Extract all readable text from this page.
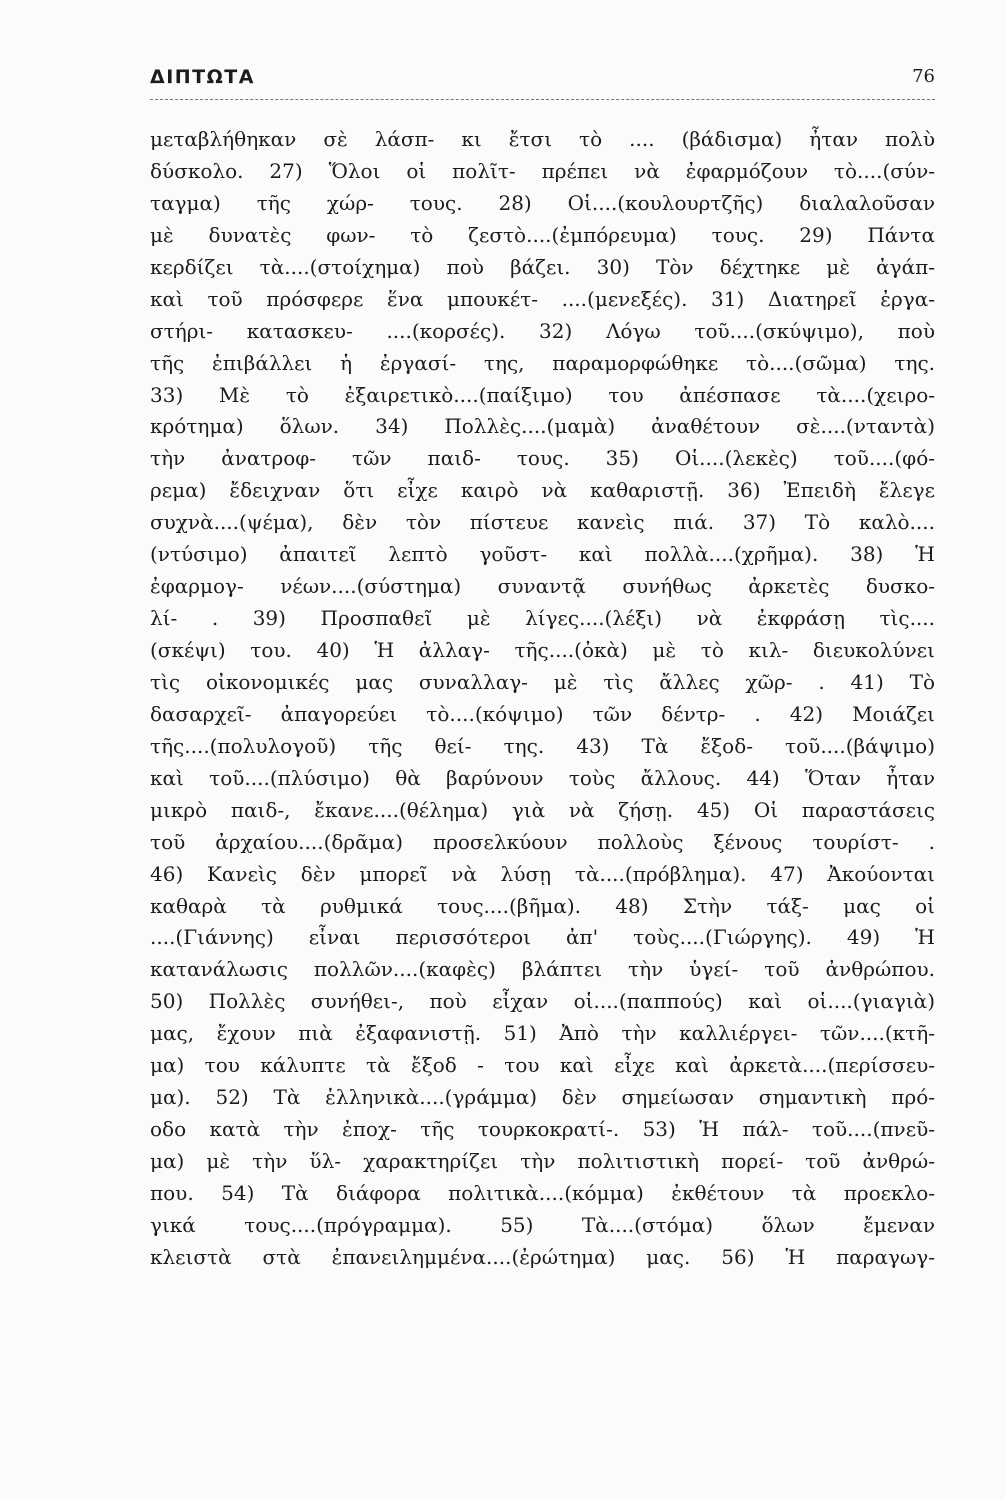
ΔΙΠΤΩΤΑ	76
μεταβλήθηκαν σὲ λάσπ- κι ἔτσι τὸ .... (βάδισμα) ἦταν πολὺ
δύσκολο. 27) Ὅλοι οἱ πολῖτ- πρέπει νὰ ἐφαρμόζουν τὸ....(σύν-
ταγμα) τῆς χώρ- τους. 28) Οἱ....(κουλουρτζῆς) διαλαλοῦσαν
μὲ δυνατὲς φων- τὸ ζεστὸ....(ἐμπόρευμα) τους. 29) Πάντα
κερδίζει τὰ....(στοίχημα) ποὺ βάζει. 30) Τὸν δέχτηκε μὲ ἀγάπ-
καὶ τοῦ πρόσφερε ἕνα μπουκέτ- ....(μενεξές). 31) Διατηρεῖ ἐργα-
στήρι- κατασκευ- ....(κορσές). 32) Λόγω τοῦ....(σκύψιμο), ποὺ
τῆς ἐπιβάλλει ἡ ἐργασί- της, παραμορφώθηκε τὸ....(σῶμα) της.
33) Μὲ τὸ ἐξαιρετικὸ....(παίξιμο) του ἀπέσπασε τὰ....(χειρο-
κρότημα) ὅλων. 34) Πολλὲς....(μαμὰ) ἀναθέτουν σὲ....(νταντὰ)
τὴν ἀνατροφ- τῶν παιδ- τους. 35) Οἱ....(λεκὲς) τοῦ....(φό-
ρεμα) ἔδειχναν ὅτι εἶχε καιρὸ νὰ καθαριστῇ. 36) Ἐπειδὴ ἔλεγε
συχνὰ....(ψέμα), δὲν τὸν πίστευε κανεὶς πιά. 37) Τὸ καλὸ....
(ντύσιμο) ἀπαιτεῖ λεπτὸ γοῦστ- καὶ πολλὰ....(χρῆμα). 38) Ἡ
ἐφαρμογ- νέων....(σύστημα) συναντᾷ συνήθως ἀρκετὲς δυσκο-
λί- . 39) Προσπαθεῖ μὲ λίγες....(λέξι) νὰ ἐκφράσῃ τὶς....
(σκέψι) του. 40) Ἡ ἀλλαγ- τῆς....(ὀκὰ) μὲ τὸ κιλ- διευκολύνει
τὶς οἰκονομικές μας συναλλαγ- μὲ τὶς ἄλλες χῶρ- . 41) Τὸ
δασαρχεῖ- ἀπαγορεύει τὸ....(κόψιμο) τῶν δέντρ- . 42) Μοιάζει
τῆς....(πολυλογοῦ) τῆς θεί- της. 43) Τὰ ἔξοδ- τοῦ....(βάψιμο)
καὶ τοῦ....(πλύσιμο) θὰ βαρύνουν τοὺς ἄλλους. 44) Ὅταν ἦταν
μικρὸ παιδ-, ἔκανε....(θέλημα) γιὰ νὰ ζήσῃ. 45) Οἱ παραστάσεις
τοῦ ἀρχαίου....(δρᾶμα) προσελκύουν πολλοὺς ξένους τουρίστ- .
46) Κανεὶς δὲν μπορεῖ νὰ λύσῃ τὰ....(πρόβλημα). 47) Ἀκούονται
καθαρὰ τὰ ρυθμικά τους....(βῆμα). 48) Στὴν τάξ- μας οἱ
....(Γιάννης) εἶναι περισσότεροι ἀπ' τοὺς....(Γιώργης). 49) Ἡ
κατανάλωσις πολλῶν....(καφὲς) βλάπτει τὴν ὑγεί- τοῦ ἀνθρώπου.
50) Πολλὲς συνήθει-, ποὺ εἶχαν οἱ....(παππούς) καὶ οἱ....(γιαγιὰ)
μας, ἔχουν πιὰ ἐξαφανιστῇ. 51) Ἀπὸ τὴν καλλιέργει- τῶν....(κτῆ-
μα) του κάλυπτε τὰ ἔξοδ - του καὶ εἶχε καὶ ἀρκετὰ....(περίσσευ-
μα). 52) Τὰ ἑλληνικὰ....(γράμμα) δὲν σημείωσαν σημαντικὴ πρό-
οδο κατὰ τὴν ἐποχ- τῆς τουρκοκρατί-. 53) Ἡ πάλ- τοῦ....(πνεῦ-
μα) μὲ τὴν ὕλ- χαρακτηρίζει τὴν πολιτιστικὴ πορεί- τοῦ ἀνθρώ-
που. 54) Τὰ διάφορα πολιτικὰ....(κόμμα) ἐκθέτουν τὰ προεκλο-
γικά τους....(πρόγραμμα). 55) Τὰ....(στόμα) ὅλων ἔμεναν
κλειστὰ στὰ ἐπανειλημμένα....(ἐρώτημα) μας. 56) Ἡ παραγωγ-
